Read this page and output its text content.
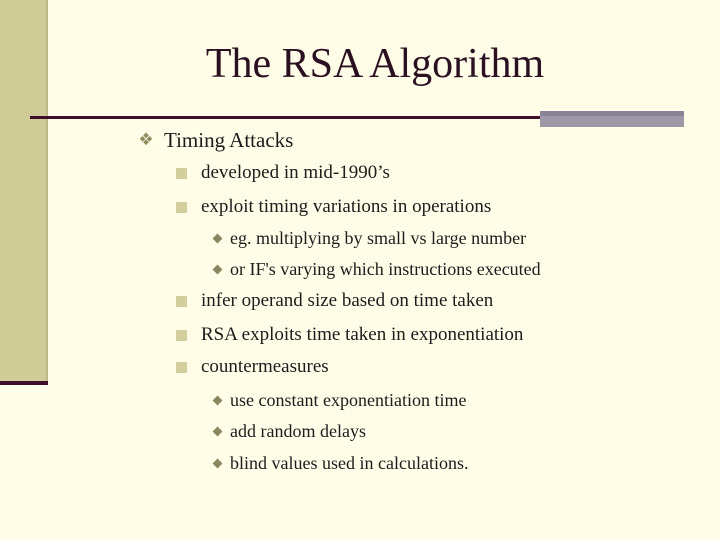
The RSA Algorithm
❖ Timing Attacks
developed in mid-1990’s
exploit timing variations in operations
eg. multiplying by small vs large number
or IF's varying which instructions executed
infer operand size based on time taken
RSA exploits time taken in exponentiation
countermeasures
use constant exponentiation time
add random delays
blind values used in calculations.
